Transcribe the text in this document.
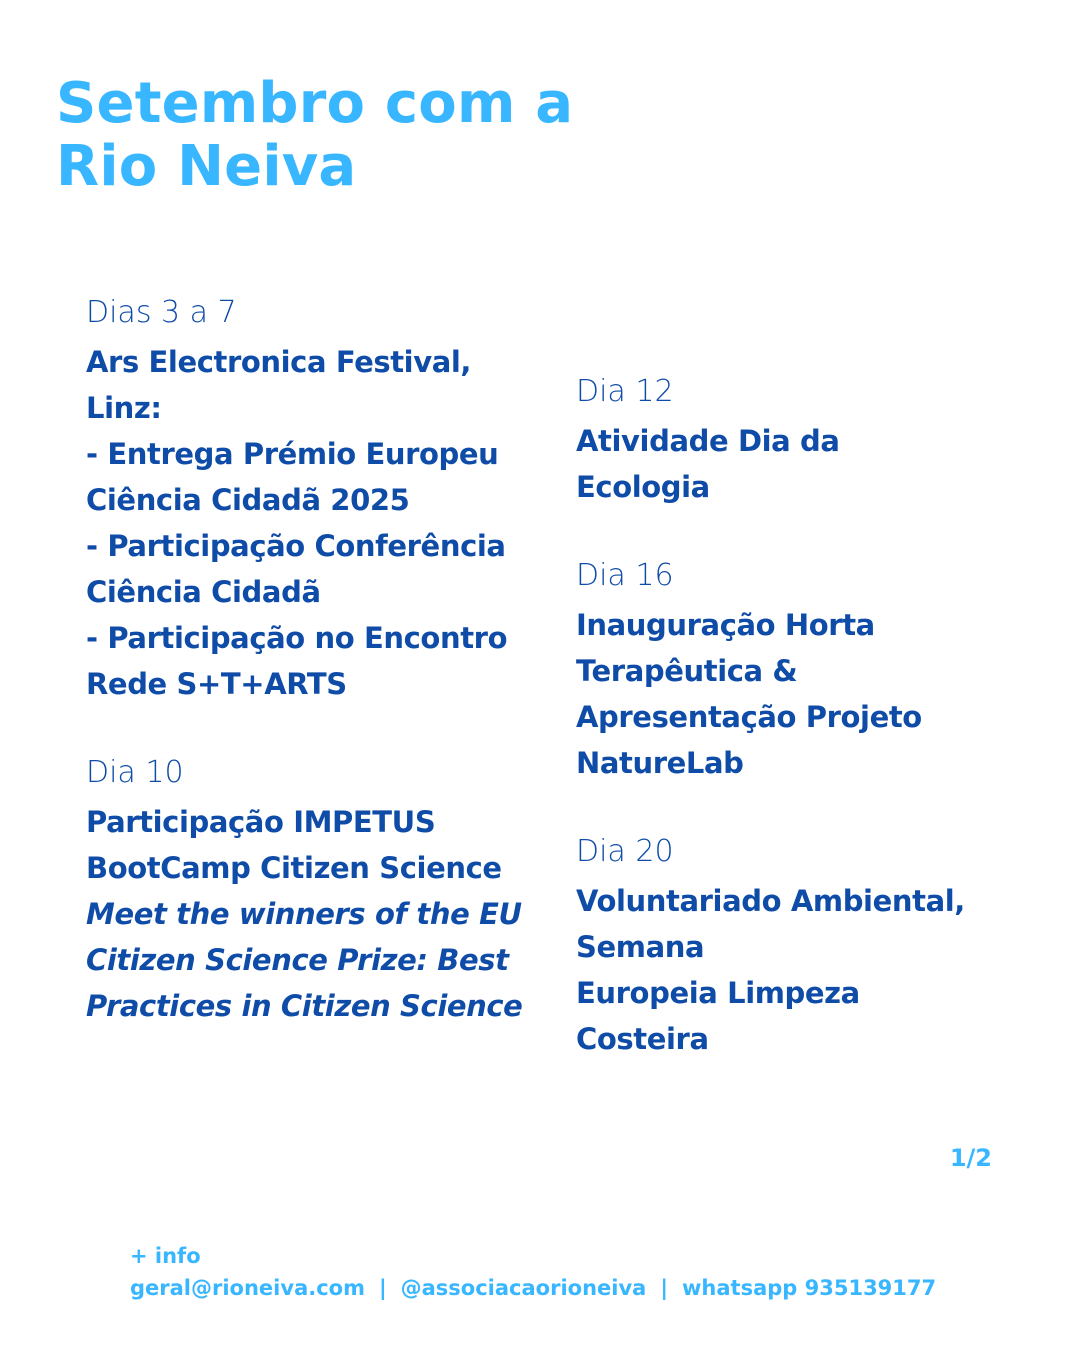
Setembro com a
Rio Neiva
Dias 3 a 7
Ars Electronica Festival,
Linz:
- Entrega Prémio Europeu
Ciência Cidadã 2025
- Participação Conferência
Ciência Cidadã
- Participação no Encontro
Rede S+T+ARTS
Dia 10
Participação IMPETUS
BootCamp Citizen Science
Meet the winners of the EU
Citizen Science Prize: Best
Practices in Citizen Science
Dia 12
Atividade Dia da
Ecologia
Dia 16
Inauguração Horta
Terapêutica &
Apresentação Projeto
NatureLab
Dia 20
Voluntariado Ambiental,
Semana
Europeia Limpeza
Costeira
1/2
+ info
geral@rioneiva.com | @associacaorioneiva | whatsapp 935139177
